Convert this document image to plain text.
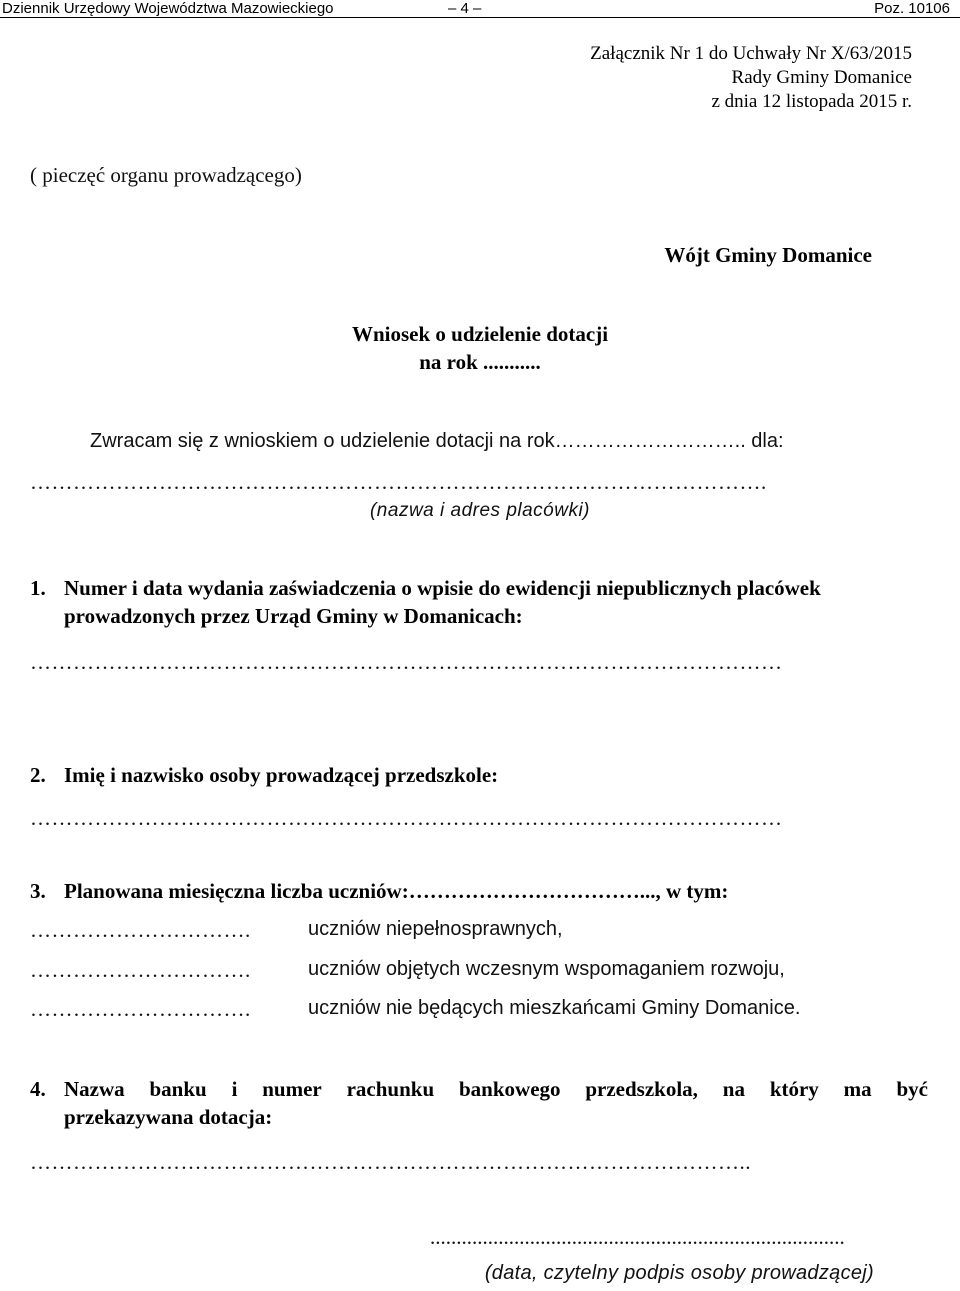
Dziennik Urzędowy Województwa Mazowieckiego	– 4 –	Poz. 10106
Załącznik Nr 1 do Uchwały Nr X/63/2015
Rady Gminy Domanice
z dnia 12 listopada 2015 r.
( pieczęć organu prowadzącego)
Wójt Gminy Domanice
Wniosek o udzielenie dotacji
na rok ...........
Zwracam się z wnioskiem o udzielenie dotacji na rok……………………….. dla:
………………………………………………………………………………………….
(nazwa i adres placówki)
1. Numer i data wydania zaświadczenia o wpisie do ewidencji niepublicznych placówek
prowadzonych przez Urząd Gminy w Domanicach:
……………………………………………………………………………………………
2. Imię i nazwisko osoby prowadzącej przedszkole:
……………………………………………………………………………………………
3. Planowana miesięczna liczba uczniów:……………………………..., w tym:
………………………….	uczniów niepełnosprawnych,
………………………….	uczniów objętych wczesnym wspomaganiem rozwoju,
………………………….	uczniów nie będących mieszkańcami Gminy Domanice.
4. Nazwa banku i numer rachunku bankowego przedszkola, na który ma być
przekazywana dotacja:
………………………………………………………………………………………..
...............................................................................
(data, czytelny podpis osoby prowadzącej)
